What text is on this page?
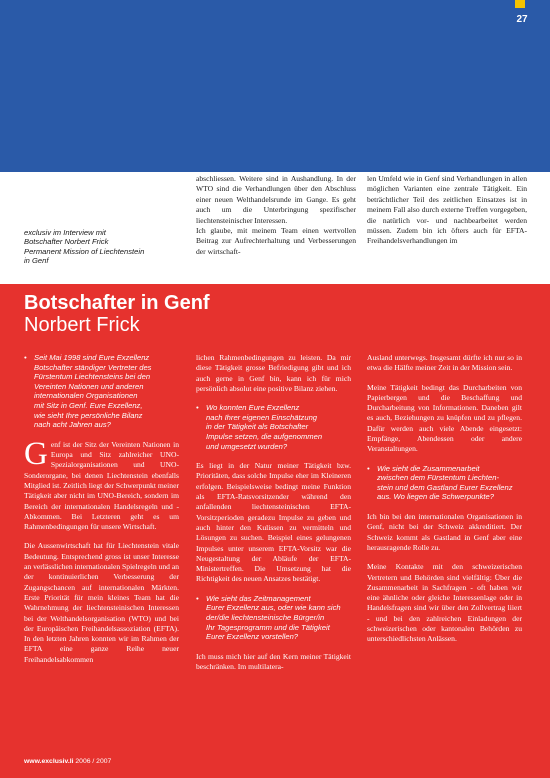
27
exclusiv im Interview mit
Botschafter Norbert Frick
Permanent Mission of Liechtenstein
in Genf

abschliessen. Weitere sind in Aushandlung. In der WTO sind die Verhandlungen über den Abschluss einer neuen Welthandelsrunde im Gange. Es geht auch um die Unterbringung spezifischer liechtensteinischer Interessen.

Ich glaube, mit meinem Team einen wertvollen Beitrag zur Aufrechterhaltung und Verbesserungen der wirtschaft-

len Umfeld wie in Genf sind Verhandlungen in allen möglichen Varianten eine zentrale Tätigkeit. Ein beträchtlicher Teil des zeitlichen Einsatzes ist in meinem Fall also durch externe Treffen vorgegeben, die natürlich vor- und nachbearbeitet werden müssen. Zudem bin ich öfters auch für EFTA-Freihandelsverhandlungen im

Botschafter in Genf
Norbert Frick
• Seit Mai 1998 sind Eure Exzellenz
Botschafter ständiger Vertreter des
Fürstentum Liechtensteins bei den
Vereinten Nationen und anderen
internationalen Organisationen
mit Sitz in Genf. Eure Exzellenz,
wie sieht Ihre persönliche Bilanz
nach acht Jahren aus?

Genf ist der Sitz der Vereinten Nationen in Europa und Sitz zahlreicher UNO-Spezialorganisationen und UNO-Sonderorgane, bei denen Liechtenstein ebenfalls Mitglied ist. Zeitlich liegt der Schwerpunkt meiner Tätigkeit aber nicht im UNO-Bereich, sondern im Bereich der internationalen Handelsregeln und -Abkommen. Bei Letzteren geht es um Rahmenbedingungen für unsere Wirtschaft.

Die Aussenwirtschaft hat für Liechtenstein vitale Bedeutung. Entsprechend gross ist unser Interesse an verlässlichen internationalen Spielregeln und an der kontinuierlichen Verbesserung der Zugangschancen auf internationalen Märkten. Erste Priorität für mein kleines Team hat die Wahrnehmung der liechtensteinischen Interessen bei der Welthandelsorganisation (WTO) und bei der Europäischen Freihandelsassoziation (EFTA). In den letzten Jahren konnten wir im Rahmen der EFTA eine ganze Reihe neuer Freihandelsabkommen

lichen Rahmenbedingungen zu leisten. Da mir diese Tätigkeit grosse Befriedigung gibt und ich auch gerne in Genf bin, kann ich für mich persönlich absolut eine positive Bilanz ziehen.

• Wo konnten Eure Exzellenz
nach Ihrer eigenen Einschätzung
in der Tätigkeit als Botschafter
Impulse setzen, die aufgenommen
und umgesetzt wurden?

Es liegt in der Natur meiner Tätigkeit bzw. Prioritäten, dass solche Impulse eher im Kleineren erfolgen. Beispielsweise bedingt meine Funktion als EFTA-Ratsvorsitzender während den anfallenden liechtensteinischen EFTA-Vorsitzperioden geradezu Impulse zu geben und auch hinter den Kulissen zu vermitteln und Lösungen zu suchen. Beispiel eines gelungenen Impulses unter unserem EFTA-Vorsitz war die Neugestaltung der Abläufe der EFTA-Ministertreffen. Die Umsetzung hat die Richtigkeit des neuen Ansatzes bestätigt.

• Wie sieht das Zeitmanagement
Eurer Exzellenz aus, oder wie kann sich
der/die liechtensteinische Bürger/in
Ihr Tagesprogramm und die Tätigkeit
Eurer Exzellenz vorstellen?

Ich muss mich hier auf den Kern meiner Tätigkeit beschränken. Im multilatera-

Ausland unterwegs. Insgesamt dürfte ich nur so in etwa die Hälfte meiner Zeit in der Mission sein.

Meine Tätigkeit bedingt das Durcharbeiten von Papierbergen und die Beschaffung und Durcharbeitung von Informationen. Daneben gilt es auch, Beziehungen zu knüpfen und zu pflegen. Dafür werden auch viele Abende eingesetzt: Empfänge, Abendessen oder andere Veranstaltungen.

• Wie sieht die Zusammenarbeit
zwischen dem Fürstentum Liechten-
stein und dem Gastland Eurer Exzellenz
aus. Wo liegen die Schwerpunkte?

Ich bin bei den internationalen Organisationen in Genf, nicht bei der Schweiz akkreditiert. Der Schweiz kommt als Gastland in Genf aber eine herausragende Rolle zu.

Meine Kontakte mit den schweizerischen Vertretern und Behörden sind vielfältig: Über die Zusammenarbeit in Sachfragen - oft haben wir eine ähnliche oder gleiche Interessenlage oder in Handelsfragen sind wir über den Zollvertrag liiert - und bei den zahlreichen Einladungen der schweizerischen oder kantonalen Behörden zu unterschiedlichsten Anlässen.

www.exclusiv.li 2006 / 2007
